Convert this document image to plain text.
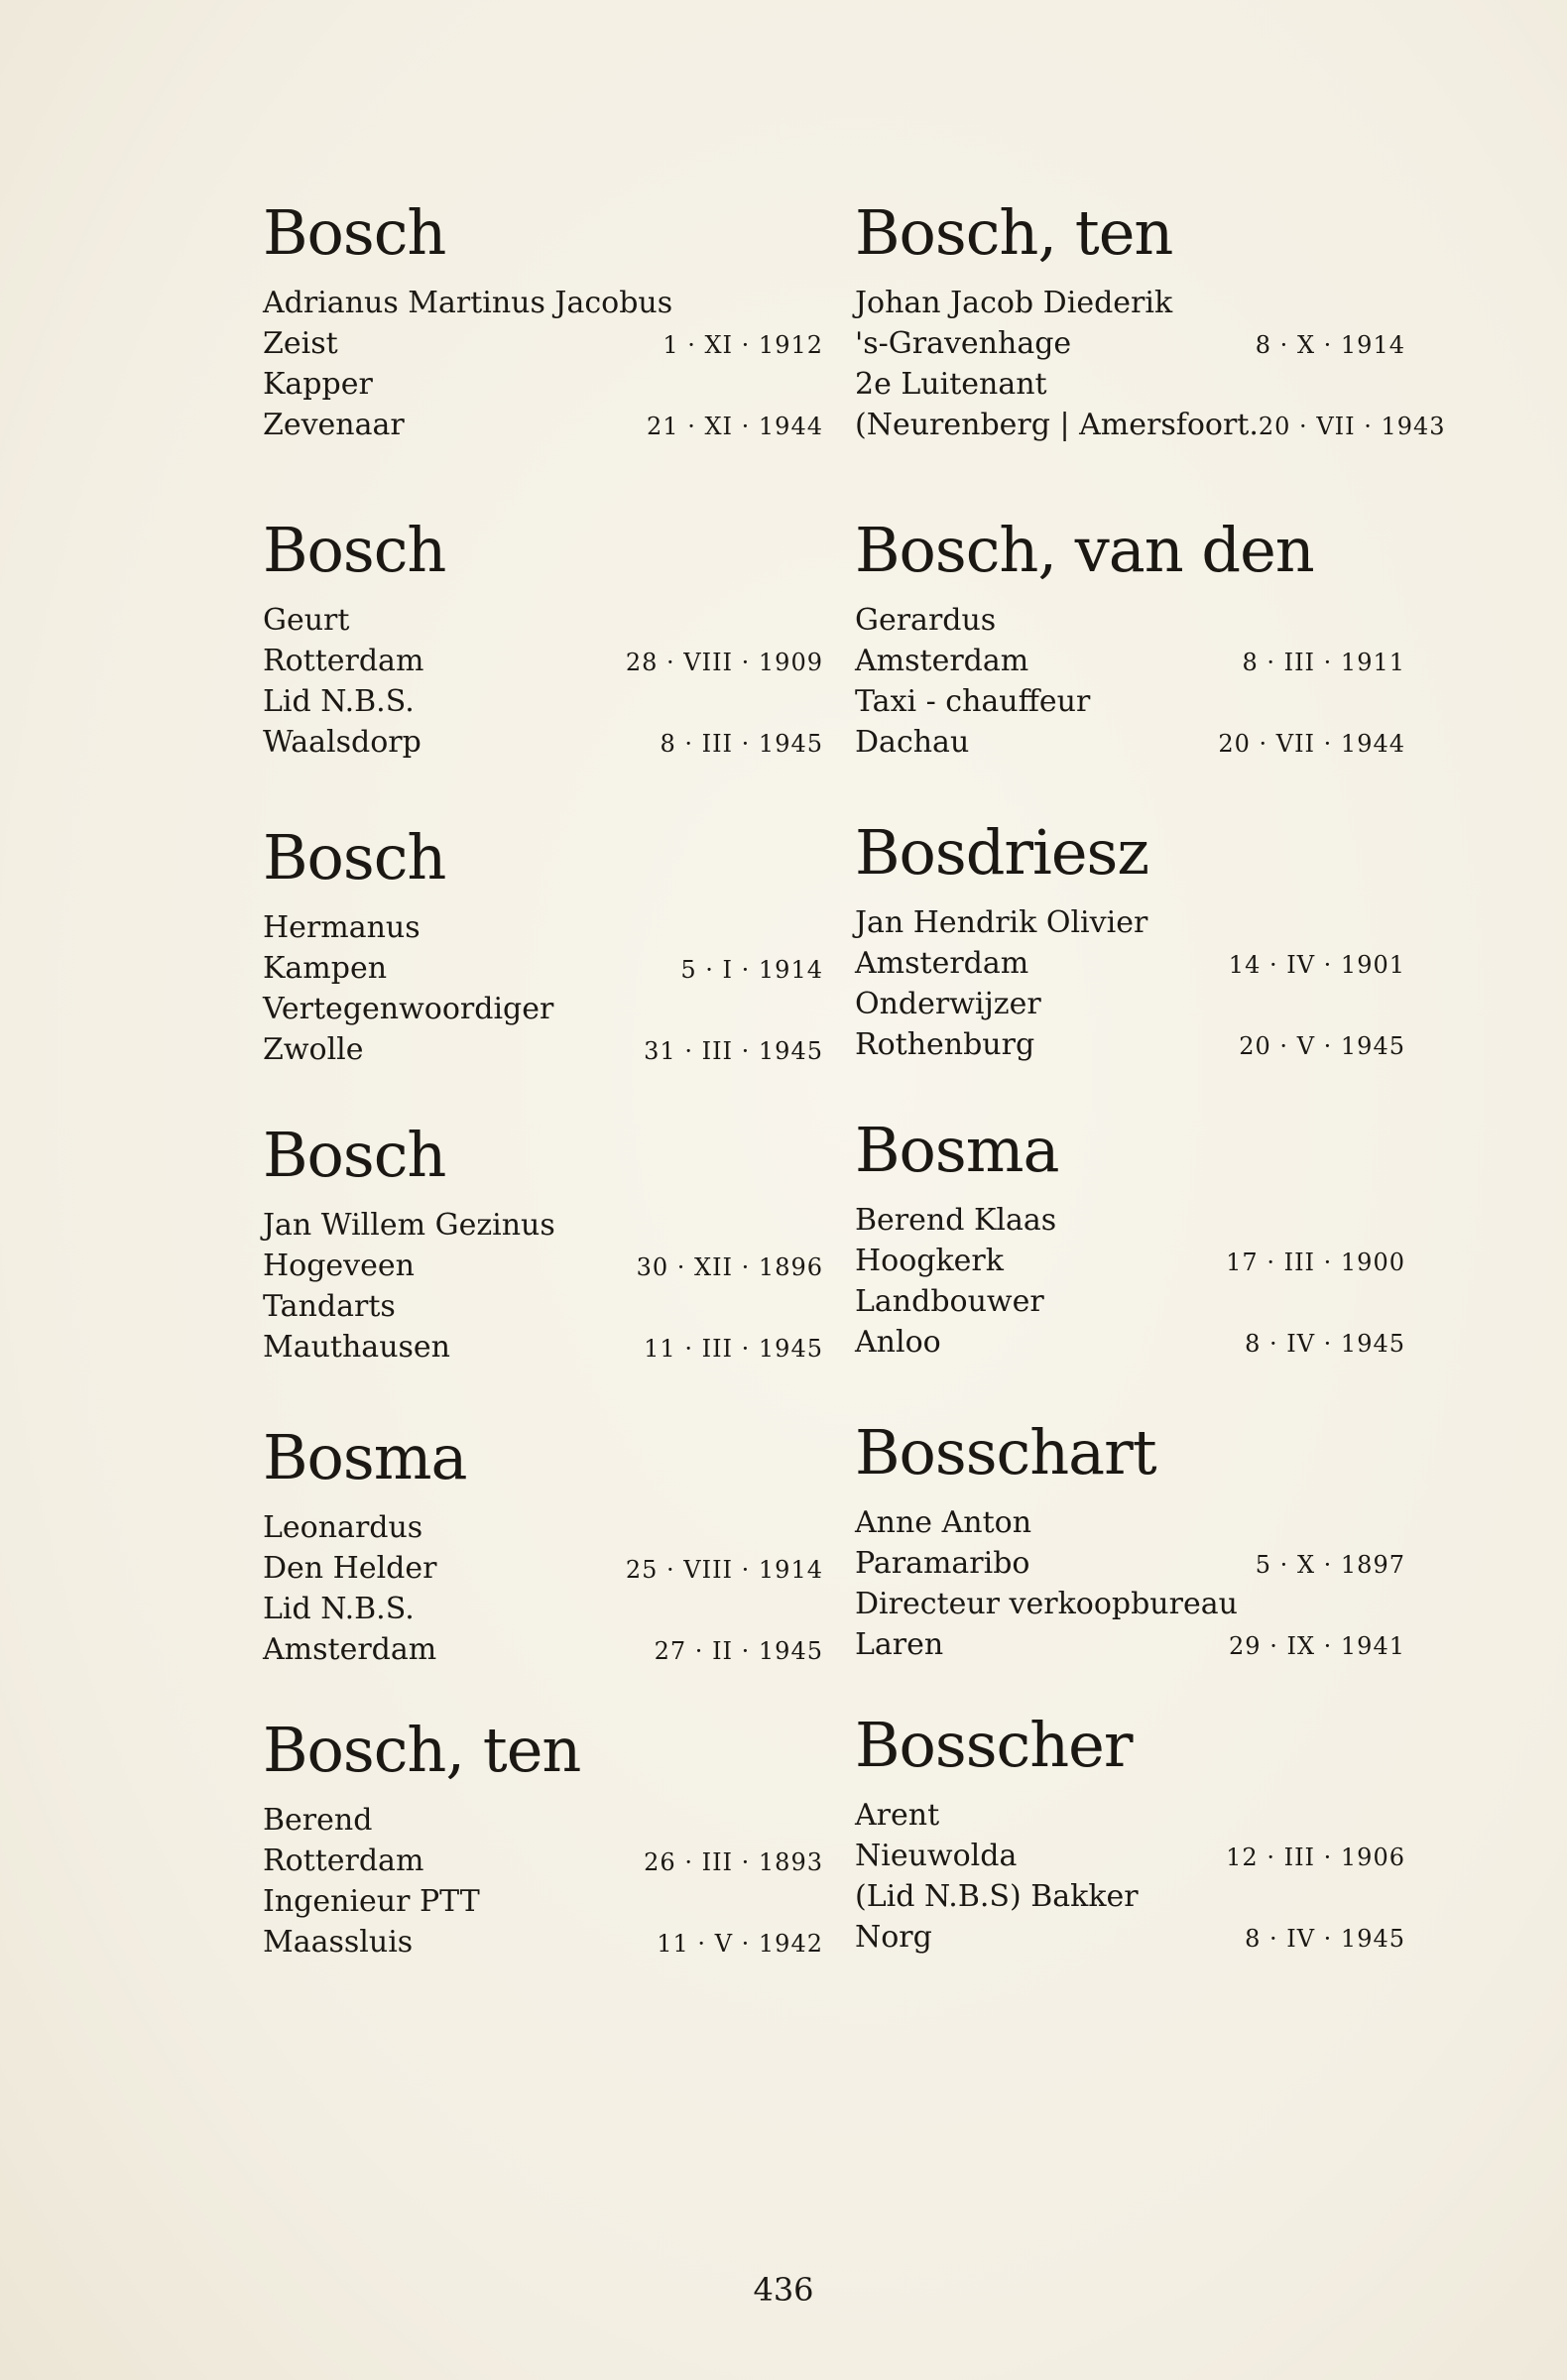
Bosch
Adrianus Martinus Jacobus
Zeist	1 · XI · 1912
Kapper
Zevenaar	21 · XI · 1944
Bosch
Geurt
Rotterdam	28 · VIII · 1909
Lid N.B.S.
Waalsdorp	8 · III · 1945
Bosch
Hermanus
Kampen	5 · I · 1914
Vertegenwoordiger
Zwolle	31 · III · 1945
Bosch
Jan Willem Gezinus
Hogeveen	30 · XII · 1896
Tandarts
Mauthausen	11 · III · 1945
Bosma
Leonardus
Den Helder	25 · VIII · 1914
Lid N.B.S.
Amsterdam	27 · II · 1945
Bosch, ten
Berend
Rotterdam	26 · III · 1893
Ingenieur PTT
Maassluis	11 · V · 1942
Bosch, ten
Johan Jacob Diederik
's-Gravenhage	8 · X · 1914
2e Luitenant
(Neurenberg | Amersfoort. 20 · VII · 1943
Bosch, van den
Gerardus
Amsterdam	8 · III · 1911
Taxi - chauffeur
Dachau	20 · VII · 1944
Bosdriesz
Jan Hendrik Olivier
Amsterdam	14 · IV · 1901
Onderwijzer
Rothenburg	20 · V · 1945
Bosma
Berend Klaas
Hoogkerk	17 · III · 1900
Landbouwer
Anloo	8 · IV · 1945
Bosschart
Anne Anton
Paramaribo	5 · X · 1897
Directeur verkoopbureau
Laren	29 · IX · 1941
Bosscher
Arent
Nieuwolda	12 · III · 1906
(Lid N.B.S) Bakker
Norg	8 · IV · 1945
436
